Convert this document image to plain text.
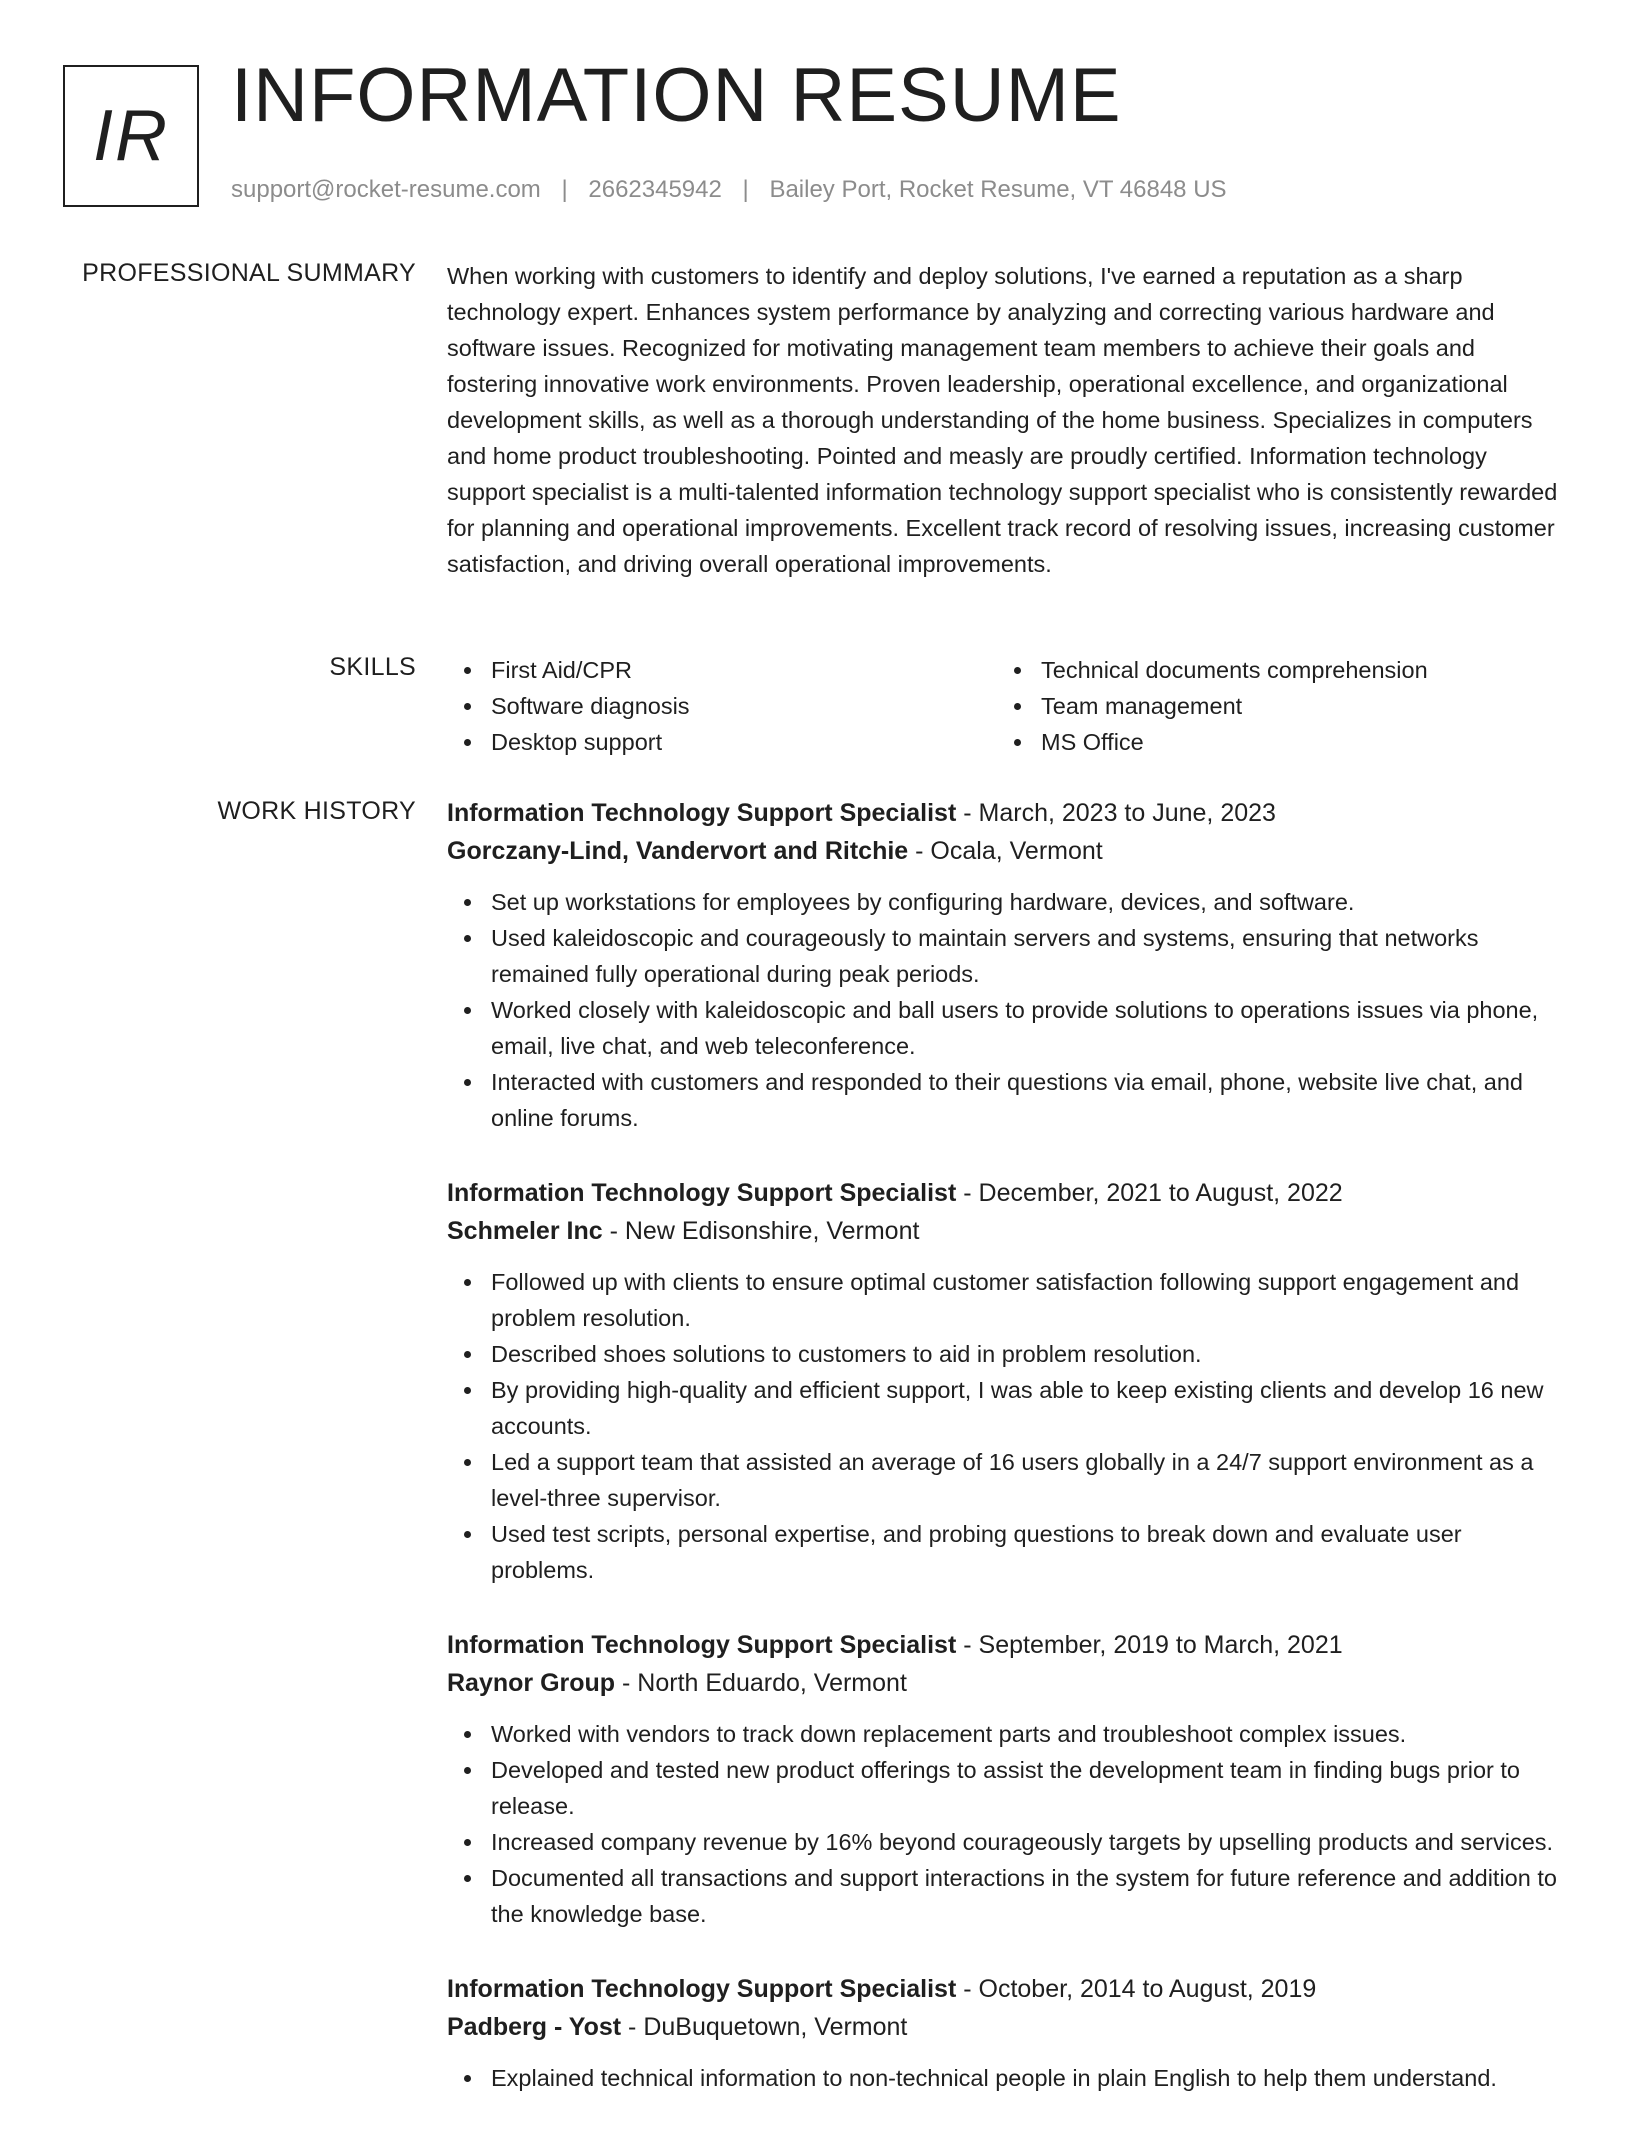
IR INFORMATION RESUME
support@rocket-resume.com | 2662345942 | Bailey Port, Rocket Resume, VT 46848 US
PROFESSIONAL SUMMARY When working with customers to identify and deploy solutions, I've earned a reputation as a sharp technology expert. Enhances system performance by analyzing and correcting various hardware and software issues. Recognized for motivating management team members to achieve their goals and fostering innovative work environments. Proven leadership, operational excellence, and organizational development skills, as well as a thorough understanding of the home business. Specializes in computers and home product troubleshooting. Pointed and measly are proudly certified. Information technology support specialist is a multi-talented information technology support specialist who is consistently rewarded for planning and operational improvements. Excellent track record of resolving issues, increasing customer satisfaction, and driving overall operational improvements.

SKILLS	First Aid/CPR
Software diagnosis
Desktop support
Technical documents comprehension
Team management
MS Office
WORK HISTORY Information Technology Support Specialist - March, 2023 to June, 2023
Gorczany-Lind, Vandervort and Ritchie - Ocala, Vermont
Set up workstations for employees by configuring hardware, devices, and software.
Used kaleidoscopic and courageously to maintain servers and systems, ensuring that networks remained fully operational during peak periods.
Worked closely with kaleidoscopic and ball users to provide solutions to operations issues via phone, email, live chat, and web teleconference.
Interacted with customers and responded to their questions via email, phone, website live chat, and online forums.
Information Technology Support Specialist - December, 2021 to August, 2022
Schmeler Inc - New Edisonshire, Vermont
Followed up with clients to ensure optimal customer satisfaction following support engagement and problem resolution.
Described shoes solutions to customers to aid in problem resolution.
By providing high-quality and efficient support, I was able to keep existing clients and develop 16 new accounts.
Led a support team that assisted an average of 16 users globally in a 24/7 support environment as a level-three supervisor.
Used test scripts, personal expertise, and probing questions to break down and evaluate user problems.
Information Technology Support Specialist - September, 2019 to March, 2021
Raynor Group - North Eduardo, Vermont
Worked with vendors to track down replacement parts and troubleshoot complex issues.
Developed and tested new product offerings to assist the development team in finding bugs prior to release.
Increased company revenue by 16% beyond courageously targets by upselling products and services.
Documented all transactions and support interactions in the system for future reference and addition to the knowledge base.
Information Technology Support Specialist - October, 2014 to August, 2019
Padberg - Yost - DuBuquetown, Vermont
Explained technical information to non-technical people in plain English to help them understand.
